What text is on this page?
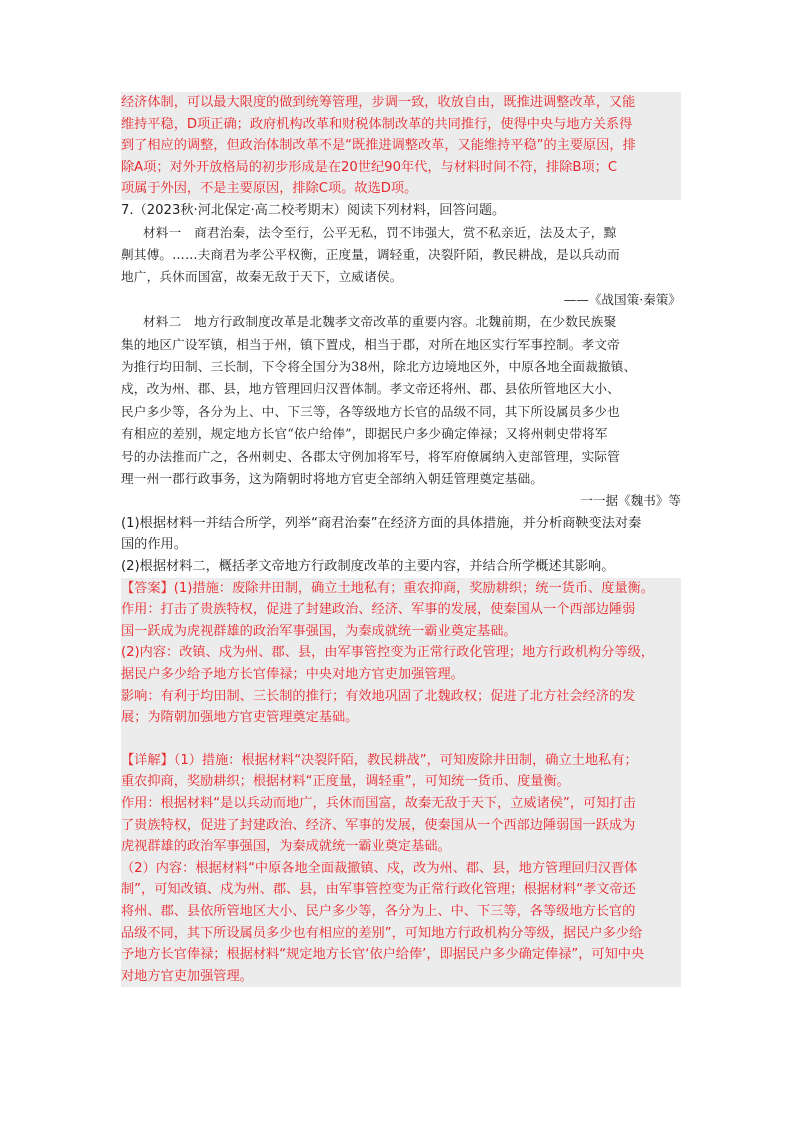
经济体制，可以最大限度的做到统筹管理，步调一致，收放自由，既推进调整改革，又能
维持平稳，D项正确；政府机构改革和财税体制改革的共同推行，使得中央与地方关系得
到了相应的调整，但政治体制改革不是“既推进调整改革，又能维持平稳”的主要原因，排
除A项；对外开放格局的初步形成是在20世纪90年代，与材料时间不符，排除B项；C
项属于外因，不是主要原因，排除C项。故选D项。
7.（2023秋·河北保定·高二校考期末）阅读下列材料，回答问题。
材料一　商君治秦，法令至行，公平无私，罚不讳强大，赏不私亲近，法及太子，黥
劓其傅。……夫商君为孝公平权衡，正度量，调轻重，决裂阡陌，教民耕战，是以兵动而
地广，兵休而国富，故秦无敌于天下，立威诸侯。
——《战国策·秦策》
材料二　地方行政制度改革是北魏孝文帝改革的重要内容。北魏前期，在少数民族聚
集的地区广设军镇，相当于州，镇下置戍，相当于郡，对所在地区实行军事控制。孝文帝
为推行均田制、三长制，下令将全国分为38州，除北方边境地区外，中原各地全面裁撤镇、
戍，改为州、郡、县，地方管理回归汉晋体制。孝文帝还将州、郡、县依所管地区大小、
民户多少等，各分为上、中、下三等，各等级地方长官的品级不同，其下所设属员多少也
有相应的差别，规定地方长官“依户给俸”，即据民户多少确定俸禄；又将州刺史带将军
号的办法推而广之，各州刺史、各郡太守例加将军号，将军府僚属纳入吏部管理，实际管
理一州一郡行政事务，这为隋朝时将地方官吏全部纳入朝廷管理奠定基础。
一一据《魏书》等
(1)根据材料一并结合所学，列举“商君治秦”在经济方面的具体措施，并分析商鞅变法对秦
国的作用。
(2)根据材料二，概括孝文帝地方行政制度改革的主要内容，并结合所学概述其影响。
【答案】(1)措施：废除井田制，确立土地私有；重农抑商，奖励耕织；统一货币、度量衡。
作用：打击了贵族特权，促进了封建政治、经济、军事的发展，使秦国从一个西部边陲弱
国一跃成为虎视群雄的政治军事强国，为秦成就统一霸业奠定基础。
(2)内容：改镇、戍为州、郡、县，由军事管控变为正常行政化管理；地方行政机构分等级，
据民户多少给予地方长官俸禄；中央对地方官吏加强管理。
影响：有利于均田制、三长制的推行；有效地巩固了北魏政权；促进了北方社会经济的发
展；为隋朝加强地方官吏管理奠定基础。
【详解】（1）措施：根据材料“决裂阡陌，教民耕战”，可知废除井田制，确立土地私有；
重农抑商，奖励耕织；根据材料“正度量，调轻重”，可知统一货币、度量衡。
作用：根据材料“是以兵动而地广，兵休而国富，故秦无敌于天下，立威诸侯”，可知打击
了贵族特权，促进了封建政治、经济、军事的发展，使秦国从一个西部边陲弱国一跃成为
虎视群雄的政治军事强国，为秦成就统一霸业奠定基础。
（2）内容：根据材料“中原各地全面裁撤镇、戍，改为州、郡、县，地方管理回归汉晋体
制”，可知改镇、戍为州、郡、县，由军事管控变为正常行政化管理；根据材料“孝文帝还
将州、郡、县依所管地区大小、民户多少等，各分为上、中、下三等，各等级地方长官的
品级不同，其下所设属员多少也有相应的差别”，可知地方行政机构分等级，据民户多少给
予地方长官俸禄；根据材料“规定地方长官‘依户给俸’，即据民户多少确定俸禄”，可知中央
对地方官吏加强管理。
